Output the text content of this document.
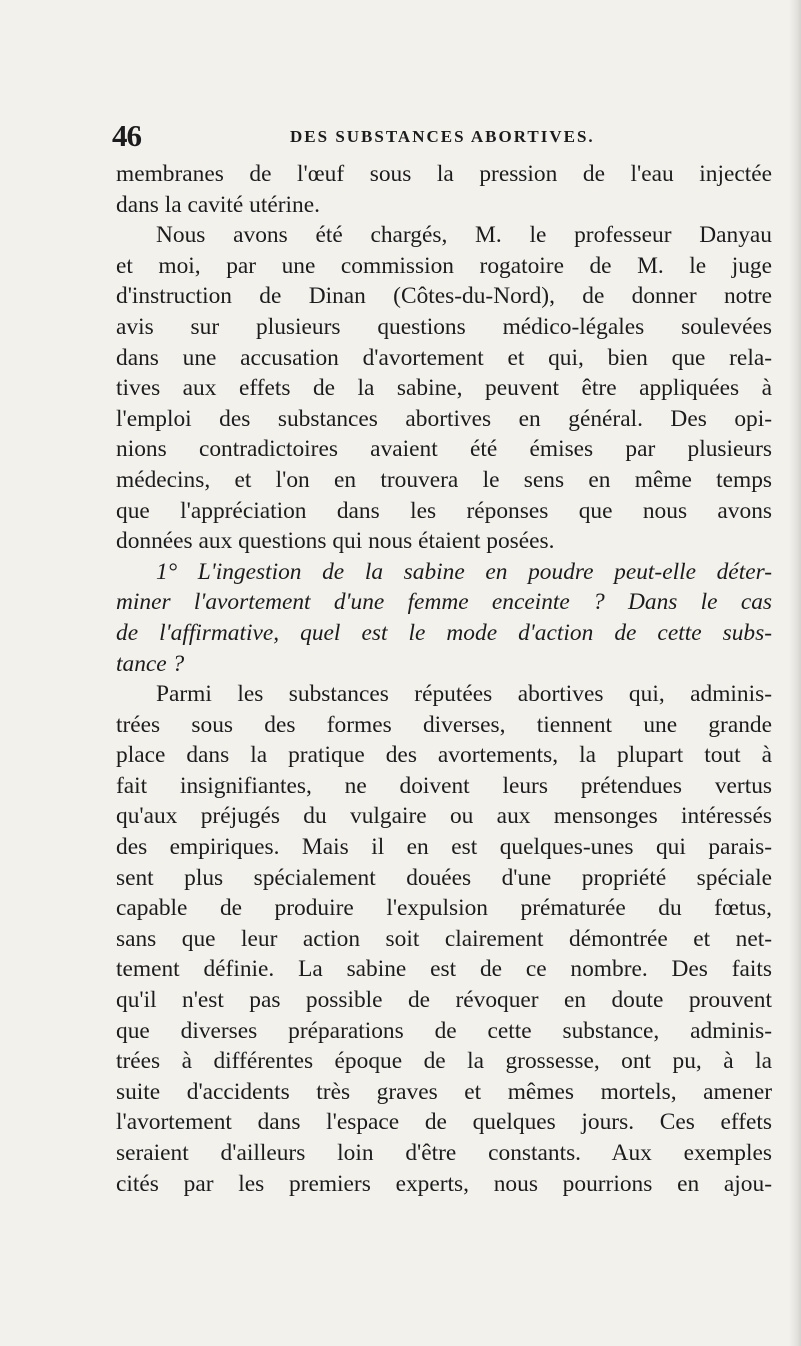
46	DES SUBSTANCES ABORTIVES.
membranes de l'œuf sous la pression de l'eau injectée
dans la cavité utérine.
Nous avons été chargés, M. le professeur Danyau
et moi, par une commission rogatoire de M. le juge
d'instruction de Dinan (Côtes-du-Nord), de donner notre
avis sur plusieurs questions médico-légales soulevées
dans une accusation d'avortement et qui, bien que rela-
tives aux effets de la sabine, peuvent être appliquées à
l'emploi des substances abortives en général. Des opi-
nions contradictoires avaient été émises par plusieurs
médecins, et l'on en trouvera le sens en même temps
que l'appréciation dans les réponses que nous avons
données aux questions qui nous étaient posées.
1° L'ingestion de la sabine en poudre peut-elle déter-
miner l'avortement d'une femme enceinte ? Dans le cas
de l'affirmative, quel est le mode d'action de cette subs-
tance ?
Parmi les substances réputées abortives qui, adminis-
trées sous des formes diverses, tiennent une grande
place dans la pratique des avortements, la plupart tout à
fait insignifiantes, ne doivent leurs prétendues vertus
qu'aux préjugés du vulgaire ou aux mensonges intéressés
des empiriques. Mais il en est quelques-unes qui parais-
sent plus spécialement douées d'une propriété spéciale
capable de produire l'expulsion prématurée du fœtus,
sans que leur action soit clairement démontrée et net-
tement définie. La sabine est de ce nombre. Des faits
qu'il n'est pas possible de révoquer en doute prouvent
que diverses préparations de cette substance, adminis-
trées à différentes époque de la grossesse, ont pu, à la
suite d'accidents très graves et mêmes mortels, amener
l'avortement dans l'espace de quelques jours. Ces effets
seraient d'ailleurs loin d'être constants. Aux exemples
cités par les premiers experts, nous pourrions en ajou-
